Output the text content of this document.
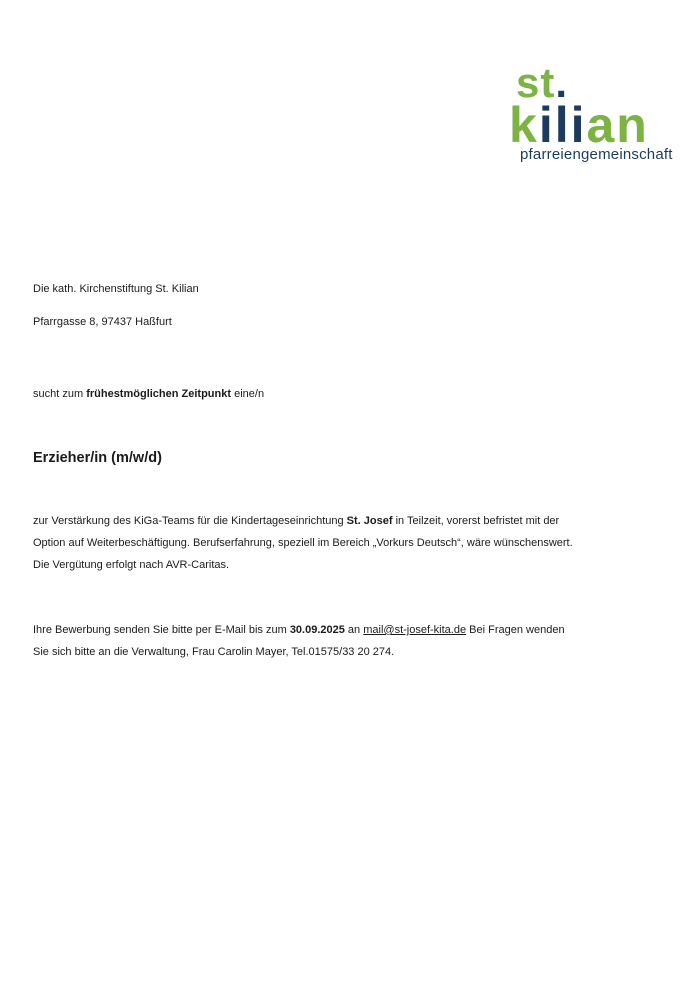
st.
kilian
pfarreiengemeinschaft
Die kath. Kirchenstiftung St. Kilian
Pfarrgasse 8, 97437 Haßfurt
sucht zum frühestmöglichen Zeitpunkt eine/n
Erzieher/in (m/w/d)
zur Verstärkung des KiGa-Teams für die Kindertageseinrichtung St. Josef in Teilzeit, vorerst befristet mit der
Option auf Weiterbeschäftigung. Berufserfahrung, speziell im Bereich „Vorkurs Deutsch“, wäre wünschenswert.
Die Vergütung erfolgt nach AVR-Caritas.
Ihre Bewerbung senden Sie bitte per E-Mail bis zum 30.09.2025 an mail@st-josef-kita.de Bei Fragen wenden
Sie sich bitte an die Verwaltung, Frau Carolin Mayer, Tel.01575/33 20 274.
